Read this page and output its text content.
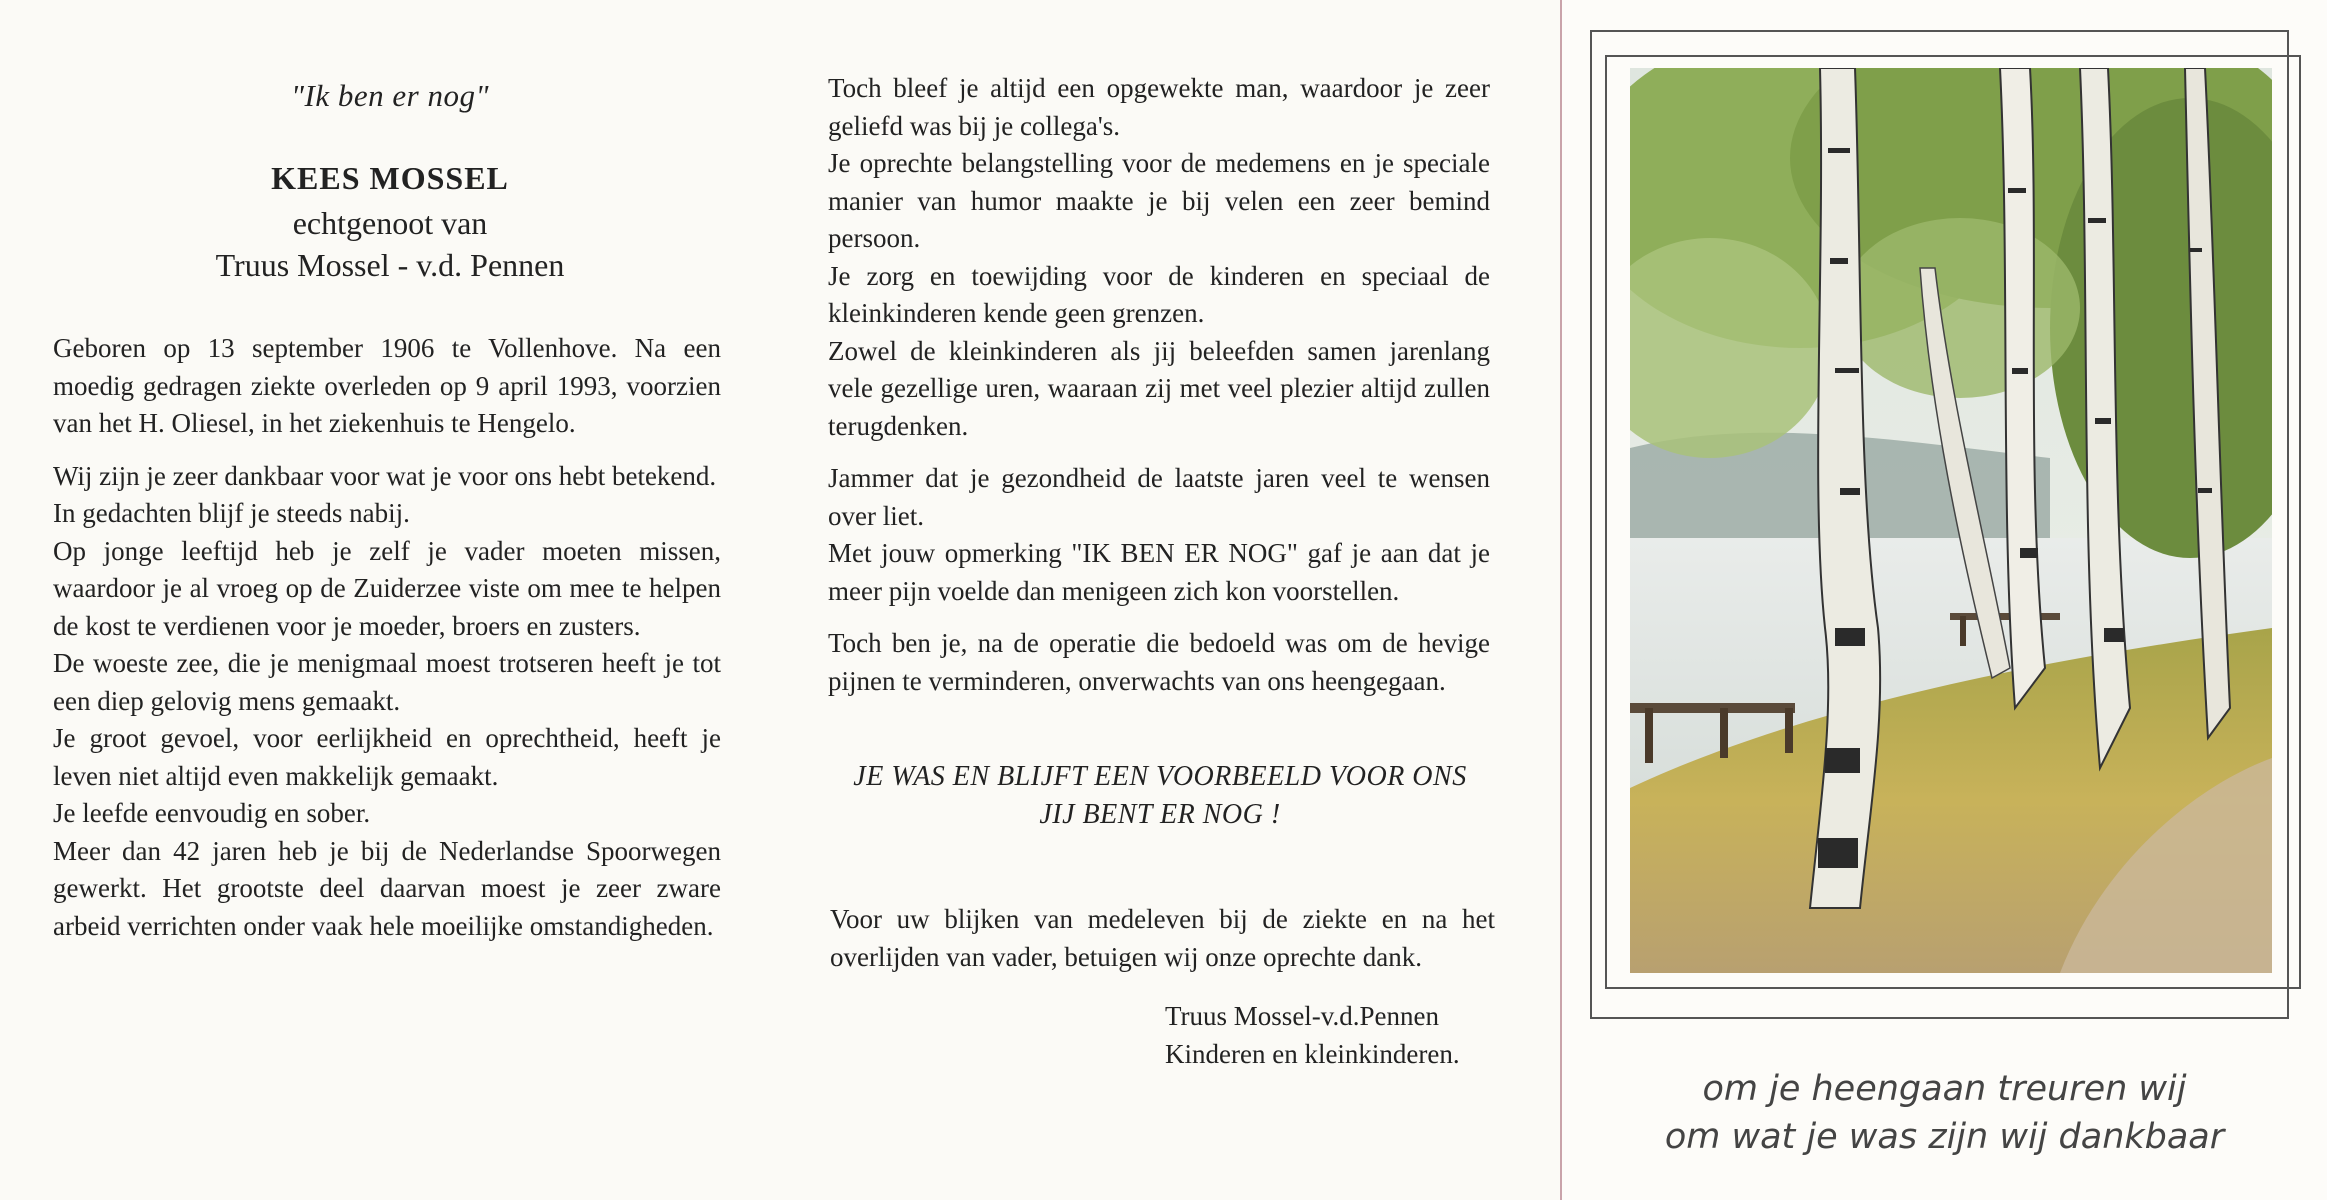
"Ik ben er nog"
KEES MOSSEL
echtgenoot van
Truus Mossel - v.d. Pennen

Geboren op 13 september 1906 te Vollenhove. Na een moedig gedragen ziekte overleden op 9 april 1993, voorzien van het H. Oliesel, in het ziekenhuis te Hengelo.

Wij zijn je zeer dankbaar voor wat je voor ons hebt betekend.

In gedachten blijf je steeds nabij.

Op jonge leeftijd heb je zelf je vader moeten missen, waardoor je al vroeg op de Zuiderzee viste om mee te helpen de kost te verdienen voor je moeder, broers en zusters.

De woeste zee, die je menigmaal moest trotseren heeft je tot een diep gelovig mens gemaakt.

Je groot gevoel, voor eerlijkheid en oprechtheid, heeft je leven niet altijd even makkelijk gemaakt.

Je leefde eenvoudig en sober.

Meer dan 42 jaren heb je bij de Nederlandse Spoorwegen gewerkt. Het grootste deel daarvan moest je zeer zware arbeid verrichten onder vaak hele moeilijke omstandigheden.

Toch bleef je altijd een opgewekte man, waardoor je zeer geliefd was bij je collega's.

Je oprechte belangstelling voor de medemens en je speciale manier van humor maakte je bij velen een zeer bemind persoon.

Je zorg en toewijding voor de kinderen en speciaal de kleinkinderen kende geen grenzen.

Zowel de kleinkinderen als jij beleefden samen jarenlang vele gezellige uren, waaraan zij met veel plezier altijd zullen terugdenken.

Jammer dat je gezondheid de laatste jaren veel te wensen over liet.

Met jouw opmerking "IK BEN ER NOG" gaf je aan dat je meer pijn voelde dan menigeen zich kon voorstellen.

Toch ben je, na de operatie die bedoeld was om de hevige pijnen te verminderen, onverwachts van ons heengegaan.

JE WAS EN BLIJFT EEN VOORBEELD VOOR ONS
JIJ BENT ER NOG !
Voor uw blijken van medeleven bij de ziekte en na het overlijden van vader, betuigen wij onze oprechte dank.
Truus Mossel-v.d.Pennen
Kinderen en kleinkinderen.
om je heengaan treuren wij
om wat je was zijn wij dankbaar
